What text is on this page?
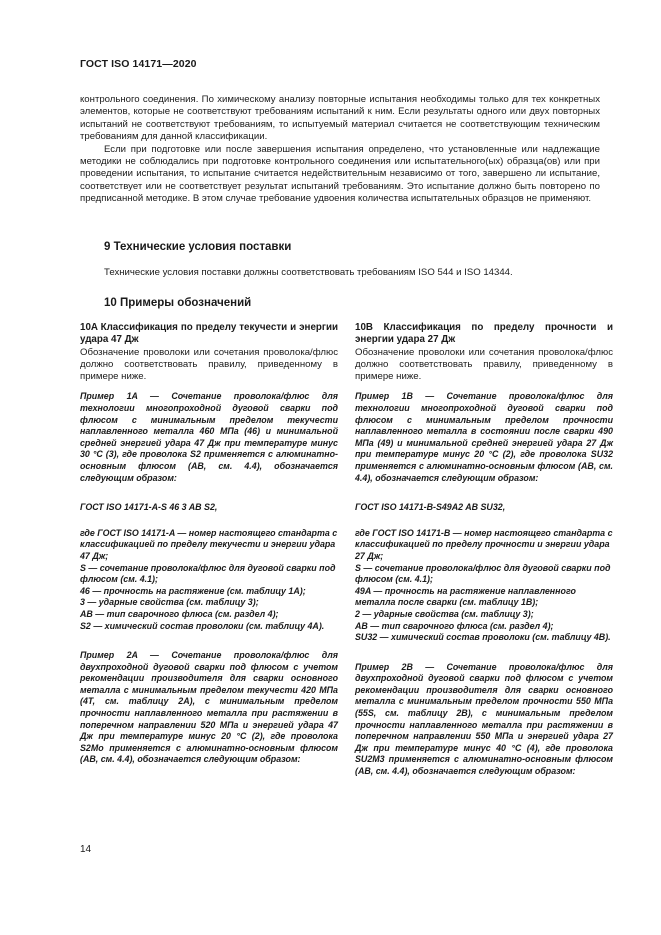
ГОСТ ISO 14171—2020

контрольного соединения. По химическому анализу повторные испытания необходимы только для тех конкретных элементов, которые не соответствуют требованиям испытаний к ним. Если результаты одного или двух повторных испытаний не соответствуют требованиям, то испытуемый материал считается не соответствующим техническим требованиям для данной классификации.

Если при подготовке или после завершения испытания определено, что установленные или надлежащие методики не соблюдались при подготовке контрольного соединения или испытательного(ых) образца(ов) или при проведении испытания, то испытание считается недействительным независимо от того, завершено ли испытание, соответствует или не соответствует результат испытаний требованиям. Это испытание должно быть повторено по предписанной методике. В этом случае требование удвоения количества испытательных образцов не применяют.

9 Технические условия поставки
Технические условия поставки должны соответствовать требованиям ISO 544 и ISO 14344.
10 Примеры обозначений

10A Классификация по пределу текучести и энергии удара 47 Дж

Обозначение проволоки или сочетания проволока/флюс должно соответствовать правилу, приведенному в примере ниже.

Пример 1A — Сочетание проволока/флюс для технологии многопроходной дуговой сварки под флюсом с минимальным пределом текучести наплавленного металла 460 МПа (46) и минимальной средней энергией удара 47 Дж при температуре минус 30 °C (3), где проволока S2 применяется с алюминатно-основным флюсом (AB, см. 4.4), обозначается следующим образом:

ГОСТ ISO 14171-A-S 46 3 AB S2,

где ГОСТ ISO 14171-A — номер настоящего стандарта с классификацией по пределу текучести и энергии удара 47 Дж;

S — сочетание проволока/флюс для дуговой сварки под флюсом (см. 4.1);

46 — прочность на растяжение (см. таблицу 1A);

3 — ударные свойства (см. таблицу 3);

AB — тип сварочного флюса (см. раздел 4);

S2 — химический состав проволоки (см. таблицу 4A).

Пример 2A — Сочетание проволока/флюс для двухпроходной дуговой сварки под флюсом с учетом рекомендации производителя для сварки основного металла с минимальным пределом текучести 420 МПа (4T, см. таблицу 2A), с минимальным пределом прочности наплавленного металла при растяжении в поперечном направлении 520 МПа и энергией удара 47 Дж при температуре минус 20 °C (2), где проволока S2Mo применяется с алюминатно-основным флюсом (AB, см. 4.4), обозначается следующим образом:

10B Классификация по пределу прочности и энергии удара 27 Дж

Обозначение проволоки или сочетания проволока/флюс должно соответствовать правилу, приведенному в примере ниже.

Пример 1B — Сочетание проволока/флюс для технологии многопроходной дуговой сварки под флюсом с минимальным пределом прочности наплавленного металла в состоянии после сварки 490 МПа (49) и минимальной средней энергией удара 27 Дж при температуре минус 20 °C (2), где проволока SU32 применяется с алюминатно-основным флюсом (AB, см. 4.4), обозначается следующим образом:

ГОСТ ISO 14171-B-S49A2 AB SU32,

где ГОСТ ISO 14171-B — номер настоящего стандарта с классификацией по пределу прочности и энергии удара 27 Дж;

S — сочетание проволока/флюс для дуговой сварки под флюсом (см. 4.1);

49A — прочность на растяжение наплавленного металла после сварки (см. таблицу 1B);

2 — ударные свойства (см. таблицу 3);

AB — тип сварочного флюса (см. раздел 4);

SU32 — химический состав проволоки (см. таблицу 4B).

Пример 2B — Сочетание проволока/флюс для двухпроходной дуговой сварки под флюсом с учетом рекомендации производителя для сварки основного металла с минимальным пределом прочности 550 МПа (55S, см. таблицу 2B), с минимальным пределом прочности наплавленного металла при растяжении в поперечном направлении 550 МПа и энергией удара 27 Дж при температуре минус 40 °C (4), где проволока SU2M3 применяется с алюминатно-основным флюсом (AB, см. 4.4), обозначается следующим образом:

14
